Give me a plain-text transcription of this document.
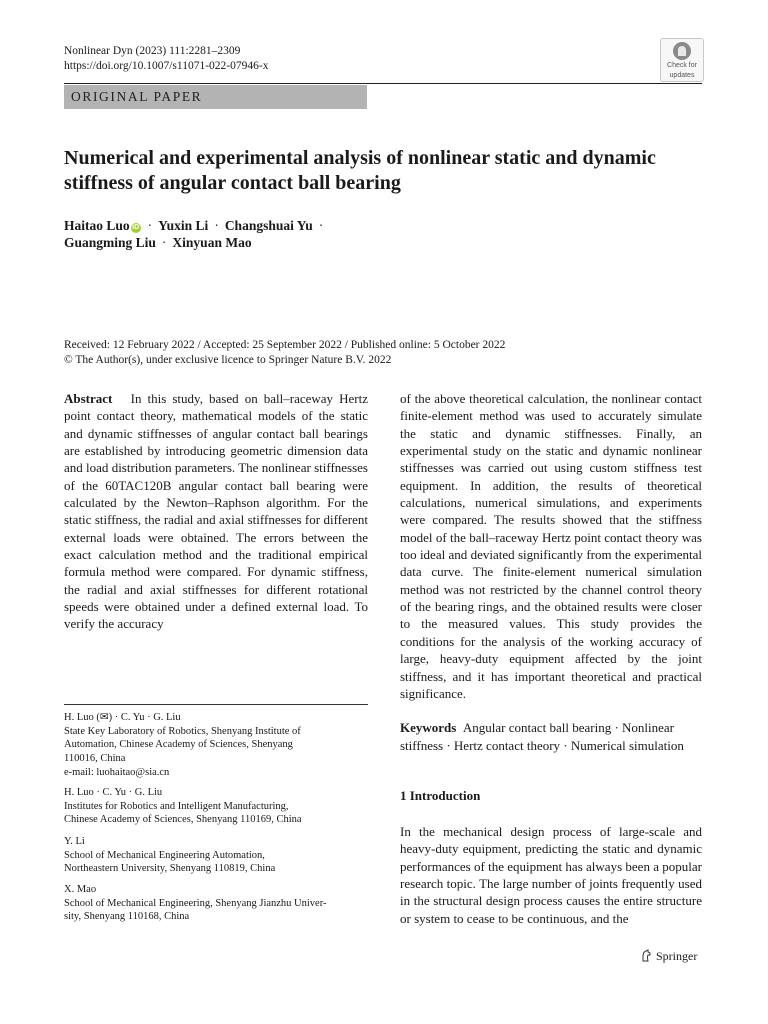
Nonlinear Dyn (2023) 111:2281–2309
https://doi.org/10.1007/s11071-022-07946-x	Check for
updates
ORIGINAL PAPER
Numerical and experimental analysis of nonlinear static and dynamic stiffness of angular contact ball bearing
Haitao Luo iD · Yuxin Li · Changshuai Yu ·
Guangming Liu · Xinyuan Mao
Received: 12 February 2022 / Accepted: 25 September 2022 / Published online: 5 October 2022
© The Author(s), under exclusive licence to Springer Nature B.V. 2022
Abstract In this study, based on ball–raceway Hertz point contact theory, mathematical models of the static and dynamic stiffnesses of angular contact ball bearings are established by introducing geometric dimension data and load distribution parameters. The nonlinear stiffnesses of the 60TAC120B angular contact ball bearing were calculated by the Newton–Raphson algorithm. For the static stiffness, the radial and axial stiffnesses for different external loads were obtained. The errors between the exact calculation method and the traditional empirical formula method were compared. For dynamic stiffness, the radial and axial stiffnesses for different rotational speeds were obtained under a defined external load. To verify the accuracy
of the above theoretical calculation, the nonlinear contact finite-element method was used to accurately simulate the static and dynamic stiffnesses. Finally, an experimental study on the static and dynamic nonlinear stiffnesses was carried out using custom stiffness test equipment. In addition, the results of theoretical calculations, numerical simulations, and experiments were compared. The results showed that the stiffness model of the ball–raceway Hertz point contact theory was too ideal and deviated significantly from the experimental data curve. The finite-element numerical simulation method was not restricted by the channel control theory of the bearing rings, and the obtained results were closer to the measured values. This study provides the conditions for the analysis of the working accuracy of large, heavy-duty equipment affected by the joint stiffness, and it has important theoretical and practical significance.
H. Luo (✉) · C. Yu · G. Liu
State Key Laboratory of Robotics, Shenyang Institute of
Automation, Chinese Academy of Sciences, Shenyang
110016, China
e-mail: luohaitao@sia.cn
H. Luo · C. Yu · G. Liu
Institutes for Robotics and Intelligent Manufacturing,
Chinese Academy of Sciences, Shenyang 110169, China
Y. Li
School of Mechanical Engineering Automation,
Northeastern University, Shenyang 110819, China
X. Mao
School of Mechanical Engineering, Shenyang Jianzhu Univer-
sity, Shenyang 110168, China
Keywords Angular contact ball bearing · Nonlinear stiffness · Hertz contact theory · Numerical simulation
1 Introduction
In the mechanical design process of large-scale and heavy-duty equipment, predicting the static and dynamic performances of the equipment has always been a popular research topic. The large number of joints frequently used in the structural design process causes the entire structure or system to cease to be continuous, and the
Springer
